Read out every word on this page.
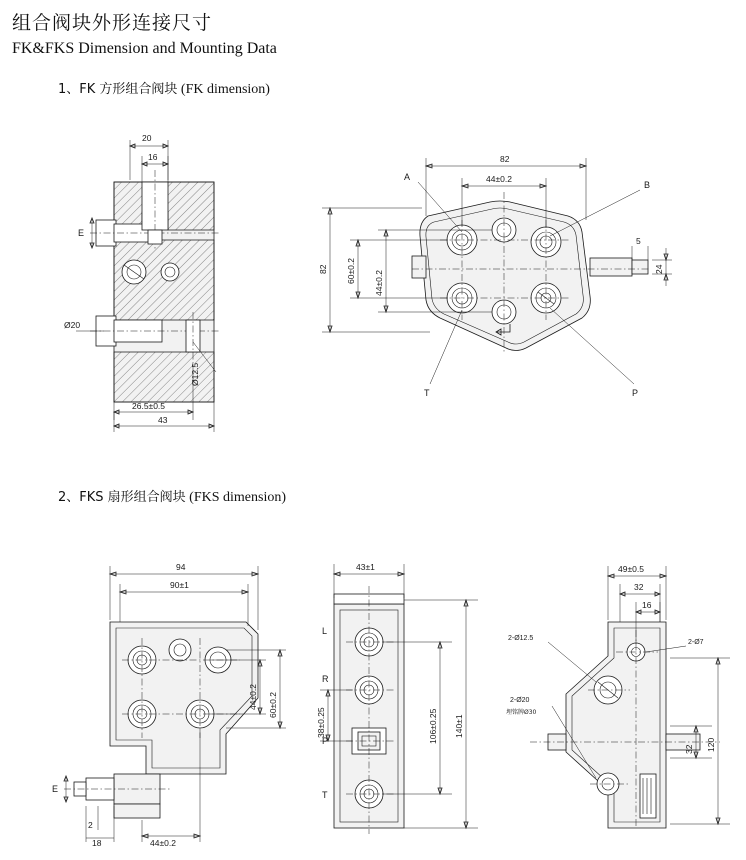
组合阀块外形连接尺寸
FK&FKS Dimension and Mounting Data
1、FK 方形组合阀块 (FK dimension)
2、FKS 扇形组合阀块 (FKS dimension)
20
16
E
Ø20
Ø12.5
26.5±0.5
43
82
44±0.2
82 60±0.2 44±0.2
5
24
A
B
T	P
94
90±1
44±0.2 60±0.2
E
2
18	44±0.2
43±1
L
R
P
T
38±0.25	106±0.25 140±1
49±0.5
32
16
2-Ø12.5
2-Ø7
2-Ø20
埋铭牌Ø30
32 120
